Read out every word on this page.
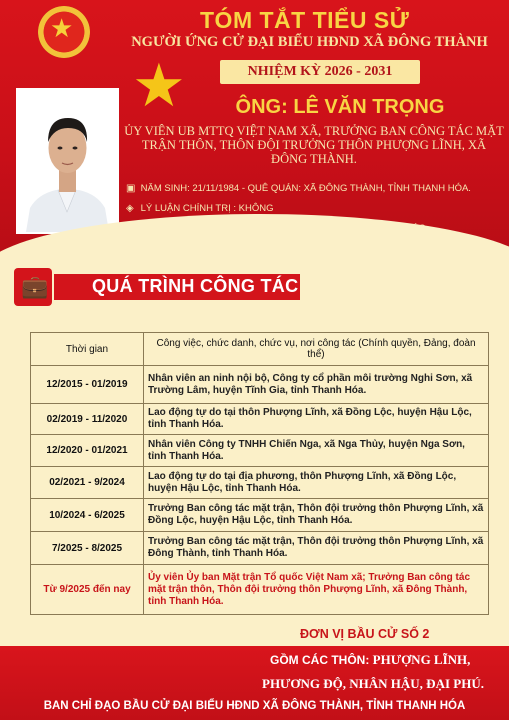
★
★
TÓM TẮT TIỂU SỬ
NGƯỜI ỨNG CỬ ĐẠI BIỂU HĐND XÃ ĐÔNG THÀNH
NHIỆM KỲ 2026 - 2031
ÔNG: LÊ VĂN TRỌNG
ỦY VIÊN UB MTTQ VIỆT NAM XÃ, TRƯỞNG BAN CÔNG TÁC MẶT TRẬN THÔN, THÔN ĐỘI TRƯỞNG THÔN PHƯỢNG LĨNH, XÃ ĐÔNG THÀNH.
▣ NĂM SINH: 21/11/1984 - QUÊ QUÁN: XÃ ĐÔNG THÀNH, TỈNH THANH HÓA.
◈ LÝ LUẬN CHÍNH TRỊ : KHÔNG
QUÁ TRÌNH CÔNG TÁC
💼
Thời gian	Công việc, chức danh, chức vụ, nơi công tác (Chính quyền, Đảng, đoàn thể)
12/2015 - 01/2019	Nhân viên an ninh nội bộ, Công ty cổ phần môi trường Nghi Sơn, xã Trường Lâm, huyện Tĩnh Gia, tỉnh Thanh Hóa.
02/2019 - 11/2020	Lao động tự do tại thôn Phượng Lĩnh, xã Đồng Lộc, huyện Hậu Lộc, tỉnh Thanh Hóa.
12/2020 - 01/2021	Nhân viên Công ty TNHH Chiến Nga, xã Nga Thủy, huyện Nga Sơn, tỉnh Thanh Hóa.
02/2021 - 9/2024	Lao động tự do tại địa phương, thôn Phượng Lĩnh, xã Đồng Lộc, huyện Hậu Lộc, tỉnh Thanh Hóa.
10/2024 - 6/2025	Trưởng Ban công tác mặt trận, Thôn đội trưởng thôn Phượng Lĩnh, xã Đồng Lộc, huyện Hậu Lộc, tỉnh Thanh Hóa.
7/2025 - 8/2025	Trưởng Ban công tác mặt trận, Thôn đội trưởng thôn Phượng Lĩnh, xã Đông Thành, tỉnh Thanh Hóa.
Từ 9/2025 đến nay	Ủy viên Ủy ban Mặt trận Tổ quốc Việt Nam xã; Trưởng Ban công tác mặt trận thôn, Thôn đội trưởng thôn Phượng Lĩnh, xã Đông Thành, tỉnh Thanh Hóa.
ĐƠN VỊ BẦU CỬ SỐ 2
GỒM CÁC THÔN: PHƯỢNG LĨNH,
PHƯƠNG ĐỘ, NHÂN HẬU, ĐẠI PHÚ.
BAN CHỈ ĐẠO BẦU CỬ ĐẠI BIỂU HĐND XÃ ĐÔNG THÀNH, TỈNH THANH HÓA
